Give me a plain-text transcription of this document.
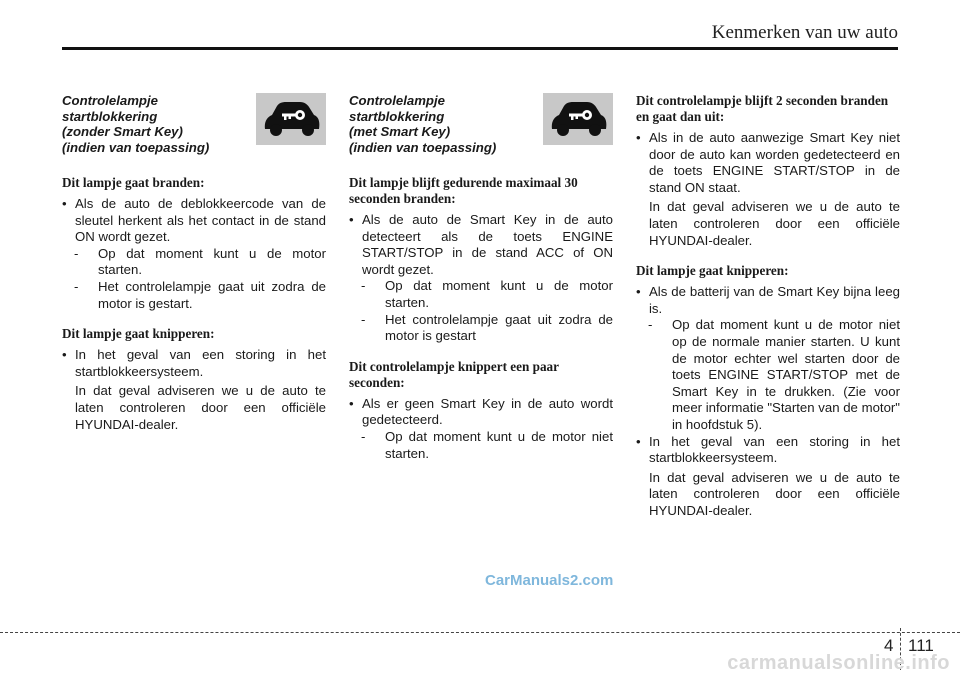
Kenmerken van uw auto
Controlelampje
startblokkering
(zonder Smart Key)
(indien van toepassing)
Dit lampje gaat branden:
• Als de auto de deblokkeercode van de sleutel herkent als het contact in de stand ON wordt gezet.
- Op dat moment kunt u de motor starten.
- Het controlelampje gaat uit zodra de motor is gestart.
Dit lampje gaat knipperen:
• In het geval van een storing in het startblokkeersysteem.
In dat geval adviseren we u de auto te laten controleren door een officiële HYUNDAI-dealer.
Controlelampje
startblokkering
(met Smart Key)
(indien van toepassing)
Dit lampje blijft gedurende maximaal 30 seconden branden:
• Als de auto de Smart Key in de auto detecteert als de toets ENGINE START/STOP in de stand ACC of ON wordt gezet.
- Op dat moment kunt u de motor starten.
- Het controlelampje gaat uit zodra de motor is gestart
Dit controlelampje knippert een paar seconden:
• Als er geen Smart Key in de auto wordt gedetecteerd.
- Op dat moment kunt u de motor niet starten.
Dit controlelampje blijft 2 seconden branden en gaat dan uit:
• Als in de auto aanwezige Smart Key niet door de auto kan worden gedetecteerd en de toets ENGINE START/STOP in de stand ON staat.
In dat geval adviseren we u de auto te laten controleren door een officiële HYUNDAI-dealer.
Dit lampje gaat knipperen:
• Als de batterij van de Smart Key bijna leeg is.
- Op dat moment kunt u de motor niet op de normale manier starten. U kunt de motor echter wel starten door de toets ENGINE START/STOP met de Smart Key in te drukken. (Zie voor meer informatie "Starten van de motor" in hoofdstuk 5).
• In het geval van een storing in het startblokkeersysteem.
In dat geval adviseren we u de auto te laten controleren door een officiële HYUNDAI-dealer.
CarManuals2.com
4 111
carmanualsonline.info
